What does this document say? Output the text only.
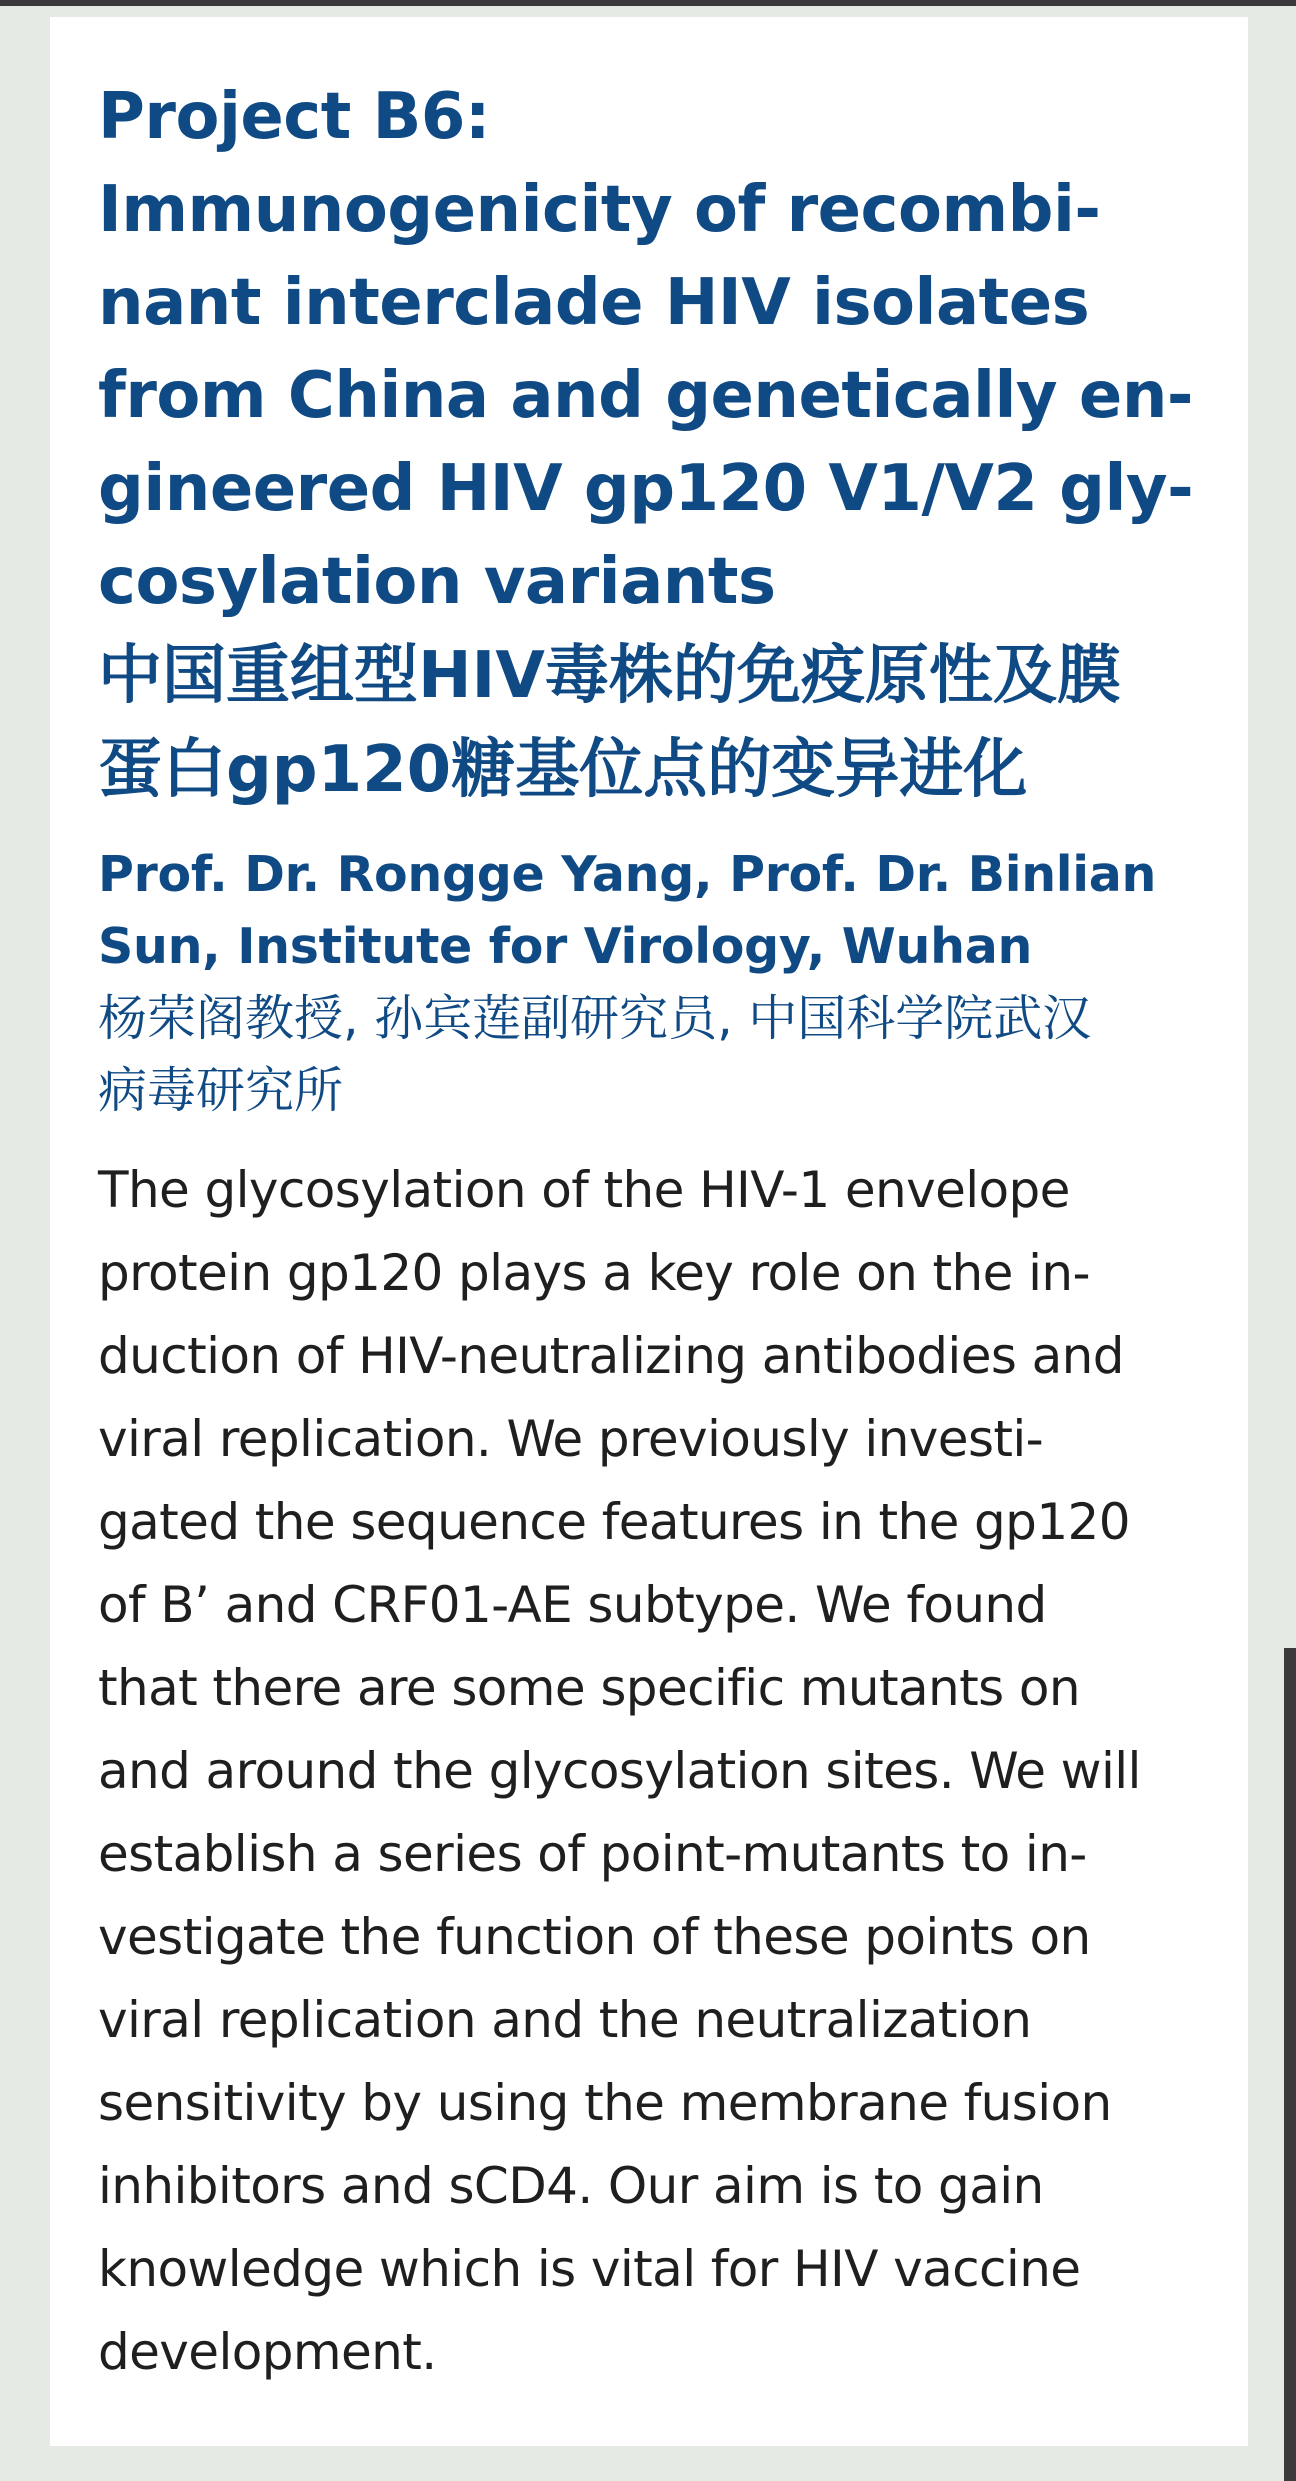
Project B6:
Immunogenicity of recombi-
nant interclade HIV isolates
from China and genetically en-
gineered HIV gp120 V1/V2 gly-
cosylation variants
中国重组型HIV毒株的免疫原性及膜
蛋白gp120糖基位点的变异进化

Prof. Dr. Rongge Yang, Prof. Dr. Binlian
Sun, Institute for Virology, Wuhan

杨荣阁教授, 孙宾莲副研究员, 中国科学院武汉
病毒研究所

The glycosylation of the HIV-1 envelope
protein gp120 plays a key role on the in-
duction of HIV-neutralizing antibodies and
viral replication. We previously investi-
gated the sequence features in the gp120
of B’ and CRF01-AE subtype. We found
that there are some specific mutants on
and around the glycosylation sites. We will
establish a series of point-mutants to in-
vestigate the function of these points on
viral replication and the neutralization
sensitivity by using the membrane fusion
inhibitors and sCD4. Our aim is to gain
knowledge which is vital for HIV vaccine
development.
